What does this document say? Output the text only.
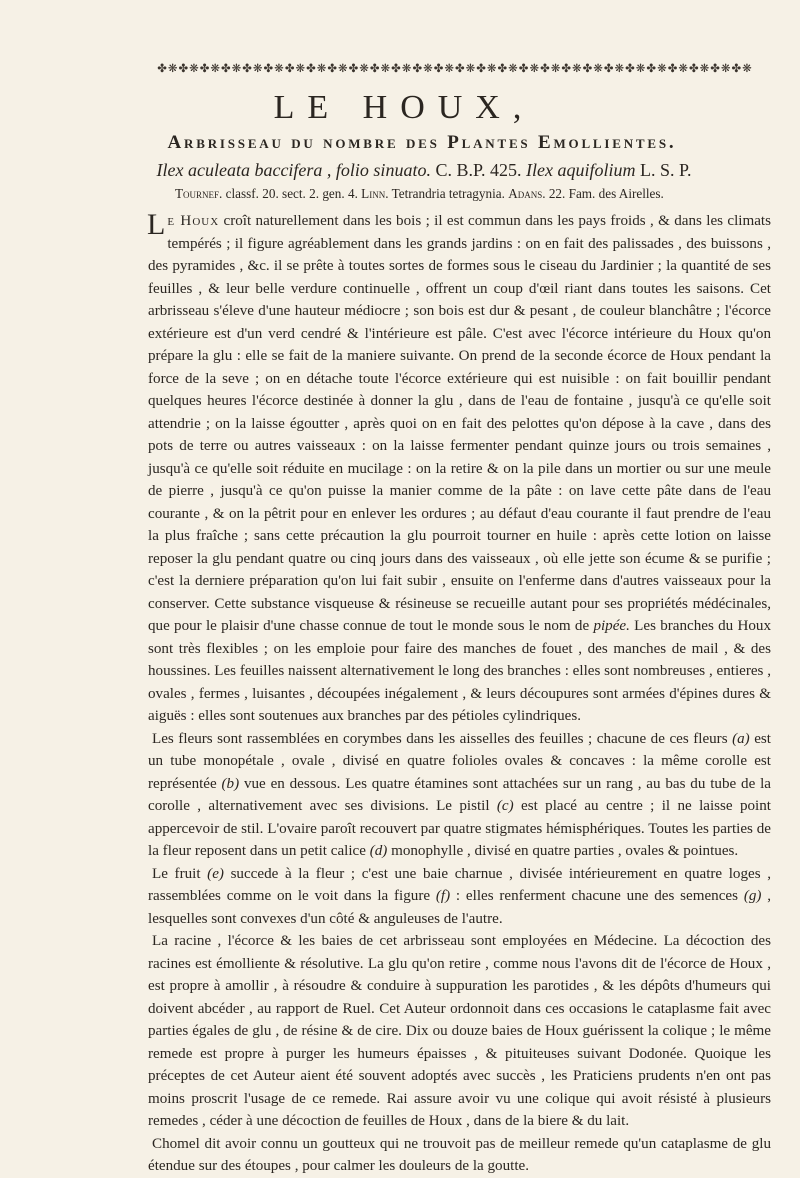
✤❋✤❋✤❋✤❋✤❋✤❋✤❋✤❋✤❋✤❋✤❋✤❋✤❋✤❋✤❋✤❋✤❋✤❋✤❋✤❋✤❋✤❋✤❋✤❋✤❋✤❋✤❋✤❋
LE HOUX,
Arbrisseau du nombre des Plantes Emollientes.
Ilex aculeata baccifera , folio sinuato. C. B.P. 425. Ilex aquifolium L. S. P.
Tournef. classf. 20. sect. 2. gen. 4. Linn. Tetrandria tetragynia. Adans. 22. Fam. des Airelles.

Le Houx croît naturellement dans les bois ; il est commun dans les pays froids , & dans les climats tempérés ; il figure agréablement dans les grands jardins : on en fait des palissades , des buissons , des pyramides , &c. il se prête à toutes sortes de formes sous le ciseau du Jardinier ; la quantité de ses feuilles , & leur belle verdure continuelle , offrent un coup d'œil riant dans toutes les saisons. Cet arbrisseau s'éleve d'une hauteur médiocre ; son bois est dur & pesant , de couleur blanchâtre ; l'écorce extérieure est d'un verd cendré & l'intérieure est pâle. C'est avec l'écorce intérieure du Houx qu'on prépare la glu : elle se fait de la maniere suivante. On prend de la seconde écorce de Houx pendant la force de la seve ; on en détache toute l'écorce extérieure qui est nuisible : on fait bouillir pendant quelques heures l'écorce destinée à donner la glu , dans de l'eau de fontaine , jusqu'à ce qu'elle soit attendrie ; on la laisse égoutter , après quoi on en fait des pelottes qu'on dépose à la cave , dans des pots de terre ou autres vaisseaux : on la laisse fermenter pendant quinze jours ou trois semaines , jusqu'à ce qu'elle soit réduite en mucilage : on la retire & on la pile dans un mortier ou sur une meule de pierre , jusqu'à ce qu'on puisse la manier comme de la pâte : on lave cette pâte dans de l'eau courante , & on la pêtrit pour en enlever les ordures ; au défaut d'eau courante il faut prendre de l'eau la plus fraîche ; sans cette précaution la glu pourroit tourner en huile : après cette lotion on laisse reposer la glu pendant quatre ou cinq jours dans des vaisseaux , où elle jette son écume & se purifie ; c'est la derniere préparation qu'on lui fait subir , ensuite on l'enferme dans d'autres vaisseaux pour la conserver. Cette substance visqueuse & résineuse se recueille autant pour ses propriétés médécinales, que pour le plaisir d'une chasse connue de tout le monde sous le nom de pipée. Les branches du Houx sont très flexibles ; on les emploie pour faire des manches de fouet , des manches de mail , & des houssines. Les feuilles naissent alternativement le long des branches : elles sont nombreuses , entieres , ovales , fermes , luisantes , découpées inégalement , & leurs découpures sont armées d'épines dures & aiguës : elles sont soutenues aux branches par des pétioles cylindriques.

Les fleurs sont rassemblées en corymbes dans les aisselles des feuilles ; chacune de ces fleurs (a) est un tube monopétale , ovale , divisé en quatre folioles ovales & concaves : la même corolle est représentée (b) vue en dessous. Les quatre étamines sont attachées sur un rang , au bas du tube de la corolle , alternativement avec ses divisions. Le pistil (c) est placé au centre ; il ne laisse point appercevoir de stil. L'ovaire paroît recouvert par quatre stigmates hémisphériques. Toutes les parties de la fleur reposent dans un petit calice (d) monophylle , divisé en quatre parties , ovales & pointues.

Le fruit (e) succede à la fleur ; c'est une baie charnue , divisée intérieurement en quatre loges , rassemblées comme on le voit dans la figure (f) : elles renferment chacune une des semences (g) , lesquelles sont convexes d'un côté & anguleuses de l'autre.

La racine , l'écorce & les baies de cet arbrisseau sont employées en Médecine. La décoction des racines est émolliente & résolutive. La glu qu'on retire , comme nous l'avons dit de l'écorce de Houx , est propre à amollir , à résoudre & conduire à suppuration les parotides , & les dépôts d'humeurs qui doivent abcéder , au rapport de Ruel. Cet Auteur ordonnoit dans ces occasions le cataplasme fait avec parties égales de glu , de résine & de cire. Dix ou douze baies de Houx guérissent la colique ; le même remede est propre à purger les humeurs épaisses , & pituiteuses suivant Dodonée. Quoique les préceptes de cet Auteur aient été souvent adoptés avec succès , les Praticiens prudents n'en ont pas moins proscrit l'usage de ce remede. Rai assure avoir vu une colique qui avoit résisté à plusieurs remedes , céder à une décoction de feuilles de Houx , dans de la biere & du lait.

Chomel dit avoir connu un goutteux qui ne trouvoit pas de meilleur remede qu'un cataplasme de glu étendue sur des étoupes , pour calmer les douleurs de la goutte.
